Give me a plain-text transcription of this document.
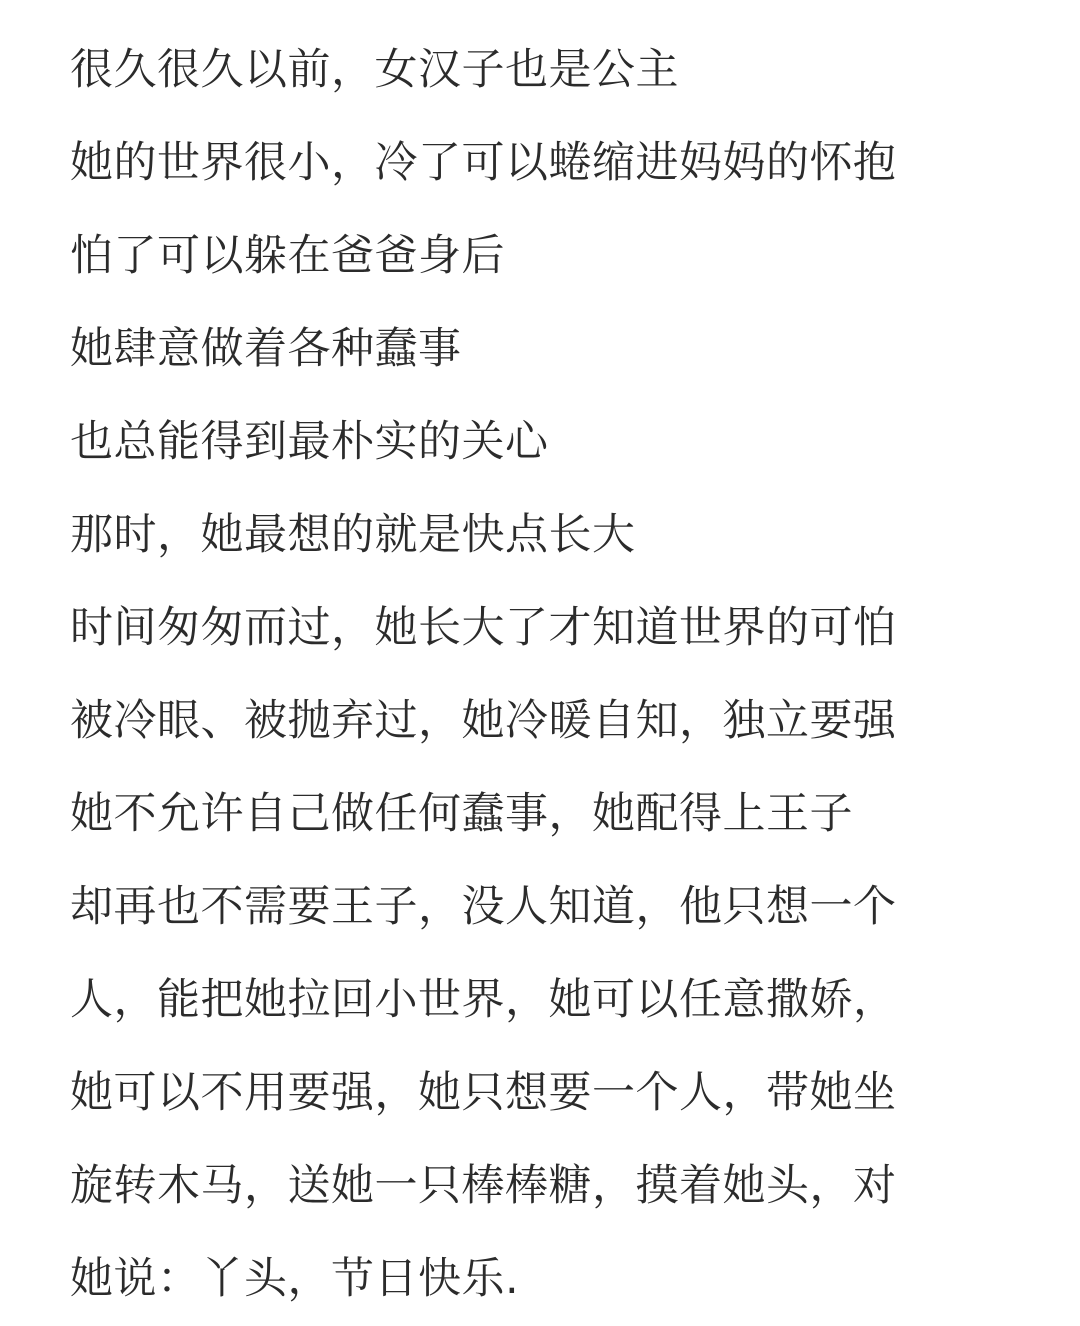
很久很久以前，女汉子也是公主
她的世界很小，冷了可以蜷缩进妈妈的怀抱
怕了可以躲在爸爸身后
她肆意做着各种蠢事
也总能得到最朴实的关心
那时，她最想的就是快点长大
时间匆匆而过，她长大了才知道世界的可怕
被冷眼、被抛弃过，她冷暖自知，独立要强
她不允许自己做任何蠢事，她配得上王子
却再也不需要王子，没人知道，他只想一个
人，能把她拉回小世界，她可以任意撒娇，
她可以不用要强，她只想要一个人，带她坐
旋转木马，送她一只棒棒糖，摸着她头，对
她说：丫头，节日快乐.
